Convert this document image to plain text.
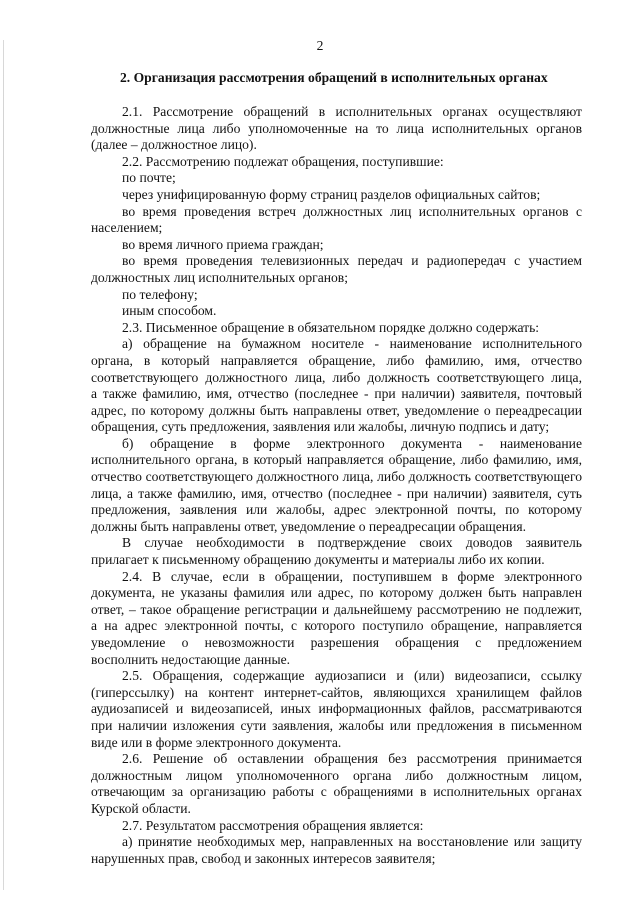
2
2. Организация рассмотрения обращений в исполнительных органах
2.1. Рассмотрение обращений в исполнительных органах осуществляют
должностные лица либо уполномоченные на то лица исполнительных органов
(далее – должностное лицо).
2.2. Рассмотрению подлежат обращения, поступившие:
по почте;
через унифицированную форму страниц разделов официальных сайтов;
во время проведения встреч должностных лиц исполнительных органов с
населением;
во время личного приема граждан;
во время проведения телевизионных передач и радиопередач с участием
должностных лиц исполнительных органов;
по телефону;
иным способом.
2.3. Письменное обращение в обязательном порядке должно содержать:
а) обращение на бумажном носителе - наименование исполнительного
органа, в который направляется обращение, либо фамилию, имя, отчество
соответствующего должностного лица, либо должность соответствующего лица,
а также фамилию, имя, отчество (последнее - при наличии) заявителя, почтовый
адрес, по которому должны быть направлены ответ, уведомление о переадресации
обращения, суть предложения, заявления или жалобы, личную подпись и дату;
б) обращение в форме электронного документа - наименование
исполнительного органа, в который направляется обращение, либо фамилию, имя,
отчество соответствующего должностного лица, либо должность соответствующего
лица, а также фамилию, имя, отчество (последнее - при наличии) заявителя, суть
предложения, заявления или жалобы, адрес электронной почты, по которому
должны быть направлены ответ, уведомление о переадресации обращения.
В случае необходимости в подтверждение своих доводов заявитель
прилагает к письменному обращению документы и материалы либо их копии.
2.4. В случае, если в обращении, поступившем в форме электронного
документа, не указаны фамилия или адрес, по которому должен быть направлен
ответ, – такое обращение регистрации и дальнейшему рассмотрению не подлежит,
а на адрес электронной почты, с которого поступило обращение, направляется
уведомление о невозможности разрешения обращения с предложением
восполнить недостающие данные.
2.5. Обращения, содержащие аудиозаписи и (или) видеозаписи, ссылку
(гиперссылку) на контент интернет-сайтов, являющихся хранилищем файлов
аудиозаписей и видеозаписей, иных информационных файлов, рассматриваются
при наличии изложения сути заявления, жалобы или предложения в письменном
виде или в форме электронного документа.
2.6. Решение об оставлении обращения без рассмотрения принимается
должностным лицом уполномоченного органа либо должностным лицом,
отвечающим за организацию работы с обращениями в исполнительных органах
Курской области.
2.7. Результатом рассмотрения обращения является:
а) принятие необходимых мер, направленных на восстановление или защиту
нарушенных прав, свобод и законных интересов заявителя;
